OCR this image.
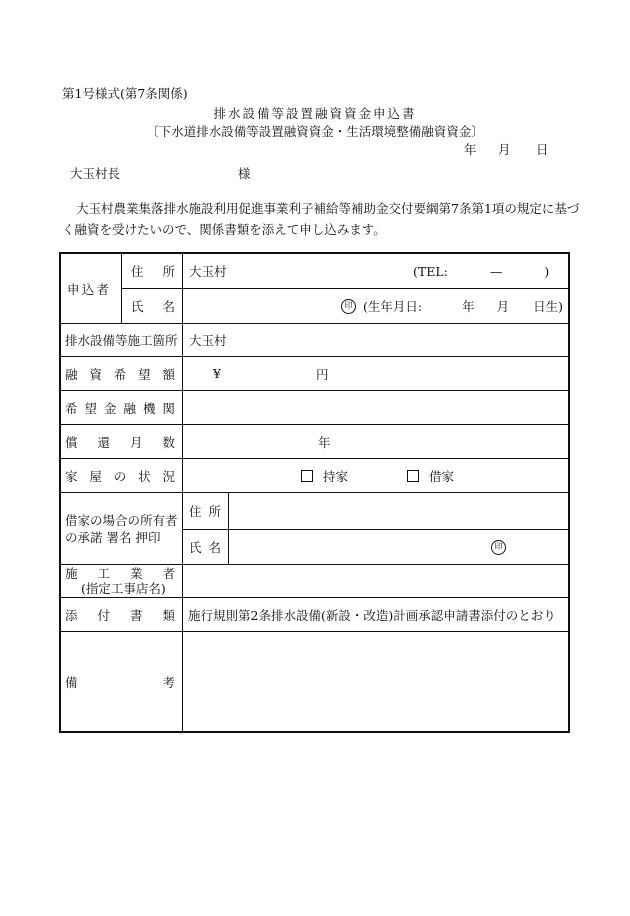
第1号様式(第7条関係)
排水設備等設置融資資金申込書
〔下水道排水設備等設置融資資金・生活環境整備融資資金〕
年 月 日
大玉村長	様
大玉村農業集落排水施設利用促進事業利子補給等補助金交付要綱第7条第1項の規定に基づく融資を受けたいので、関係書類を添えて申し込みます。
申 込 者
住 所 大玉村	(TEL:	—	)
氏 名	印 (生年月日:	年 月 日生)
排水設備等施工箇所 大玉村
融 資 希 望 額	¥	円
希 望 金 融 機 関
償 還 月 数	年
家 屋 の 状 況	持家	借家
借家の場合の所有者
の承諾 署名 押印
住 所
氏 名	印
施 工 業 者
(指定工事店名)
添 付 書 類 施行規則第2条排水設備(新設・改造)計画承認申請書添付のとおり
備	考
